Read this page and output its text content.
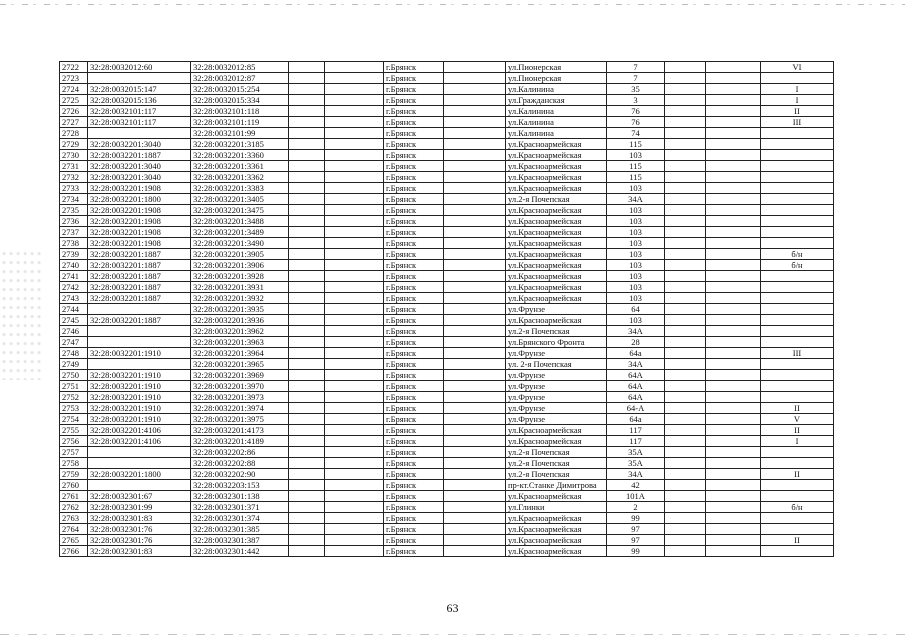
2722	32:28:0032012:60	32:28:0032012:85			г.Брянск		ул.Пионерская	7			VI
2723		32:28:0032012:87			г.Брянск		ул.Пионерская	7			
2724	32:28:0032015:147	32:28:0032015:254			г.Брянск		ул.Калинина	35			I
2725	32:28:0032015:136	32:28:0032015:334			г.Брянск		ул.Гражданская	3			I
2726	32:28:0032101:117	32:28:0032101:118			г.Брянск		ул.Калинина	76			II
2727	32:28:0032101:117	32:28:0032101:119			г.Брянск		ул.Калинина	76			III
2728		32:28:0032101:99			г.Брянск		ул.Калинина	74			
2729	32:28:0032201:3040	32:28:0032201:3185			г.Брянск		ул.Красноармейская	115			
2730	32:28:0032201:1887	32:28:0032201:3360			г.Брянск		ул.Красноармейская	103			
2731	32:28:0032201:3040	32:28:0032201:3361			г.Брянск		ул.Красноармейская	115			
2732	32:28:0032201:3040	32:28:0032201:3362			г.Брянск		ул.Красноармейская	115			
2733	32:28:0032201:1908	32:28:0032201:3383			г.Брянск		ул.Красноармейская	103			
2734	32:28:0032201:1800	32:28:0032201:3405			г.Брянск		ул.2-я Почепская	34А			
2735	32:28:0032201:1908	32:28:0032201:3475			г.Брянск		ул.Красноармейская	103			
2736	32:28:0032201:1908	32:28:0032201:3488			г.Брянск		ул.Красноармейская	103			
2737	32:28:0032201:1908	32:28:0032201:3489			г.Брянск		ул.Красноармейская	103			
2738	32:28:0032201:1908	32:28:0032201:3490			г.Брянск		ул.Красноармейская	103			
2739	32:28:0032201:1887	32:28:0032201:3905			г.Брянск		ул.Красноармейская	103			б/н
2740	32:28:0032201:1887	32:28:0032201:3906			г.Брянск		ул.Красноармейская	103			б/н
2741	32:28:0032201:1887	32:28:0032201:3928			г.Брянск		ул.Красноармейская	103			
2742	32:28:0032201:1887	32:28:0032201:3931			г.Брянск		ул.Красноармейская	103			
2743	32:28:0032201:1887	32:28:0032201:3932			г.Брянск		ул.Красноармейская	103			
2744		32:28:0032201:3935			г.Брянск		ул.Фрунзе	64			
2745	32:28:0032201:1887	32:28:0032201:3936			г.Брянск		ул.Красноармейская	103			
2746		32:28:0032201:3962			г.Брянск		ул.2-я Почепская	34А			
2747		32:28:0032201:3963			г.Брянск		ул.Брянского Фронта	28			
2748	32:28:0032201:1910	32:28:0032201:3964			г.Брянск		ул.Фрунзе	64а			III
2749		32:28:0032201:3965			г.Брянск		ул. 2-я Почепская	34А			
2750	32:28:0032201:1910	32:28:0032201:3969			г.Брянск		ул.Фрунзе	64А			
2751	32:28:0032201:1910	32:28:0032201:3970			г.Брянск		ул.Фрунзе	64А			
2752	32:28:0032201:1910	32:28:0032201:3973			г.Брянск		ул.Фрунзе	64А			
2753	32:28:0032201:1910	32:28:0032201:3974			г.Брянск		ул.Фрунзе	64-А			II
2754	32:28:0032201:1910	32:28:0032201:3975			г.Брянск		ул.Фрунзе	64а			V
2755	32:28:0032201:4106	32:28:0032201:4173			г.Брянск		ул.Красноармейская	117			II
2756	32:28:0032201:4106	32:28:0032201:4189			г.Брянск		ул.Красноармейская	117			I
2757		32:28:0032202:86			г.Брянск		ул.2-я Почепская	35А			
2758		32:28:0032202:88			г.Брянск		ул.2-я Почепская	35А			
2759	32:28:0032201:1800	32:28:0032202:90			г.Брянск		ул.2-я Почепская	34А			II
2760		32:28:0032203:153			г.Брянск		пр-кт.Станке Димитрова	42			
2761	32:28:0032301:67	32:28:0032301:138			г.Брянск		ул.Красноармейская	101А			
2762	32:28:0032301:99	32:28:0032301:371			г.Брянск		ул.Глинки	2			б/н
2763	32:28:0032301:83	32:28:0032301:374			г.Брянск		ул.Красноармейская	99			
2764	32:28:0032301:76	32:28:0032301:385			г.Брянск		ул.Красноармейская	97			
2765	32:28:0032301:76	32:28:0032301:387			г.Брянск		ул.Красноармейская	97			II
2766	32:28:0032301:83	32:28:0032301:442			г.Брянск		ул.Красноармейская	99			
63
